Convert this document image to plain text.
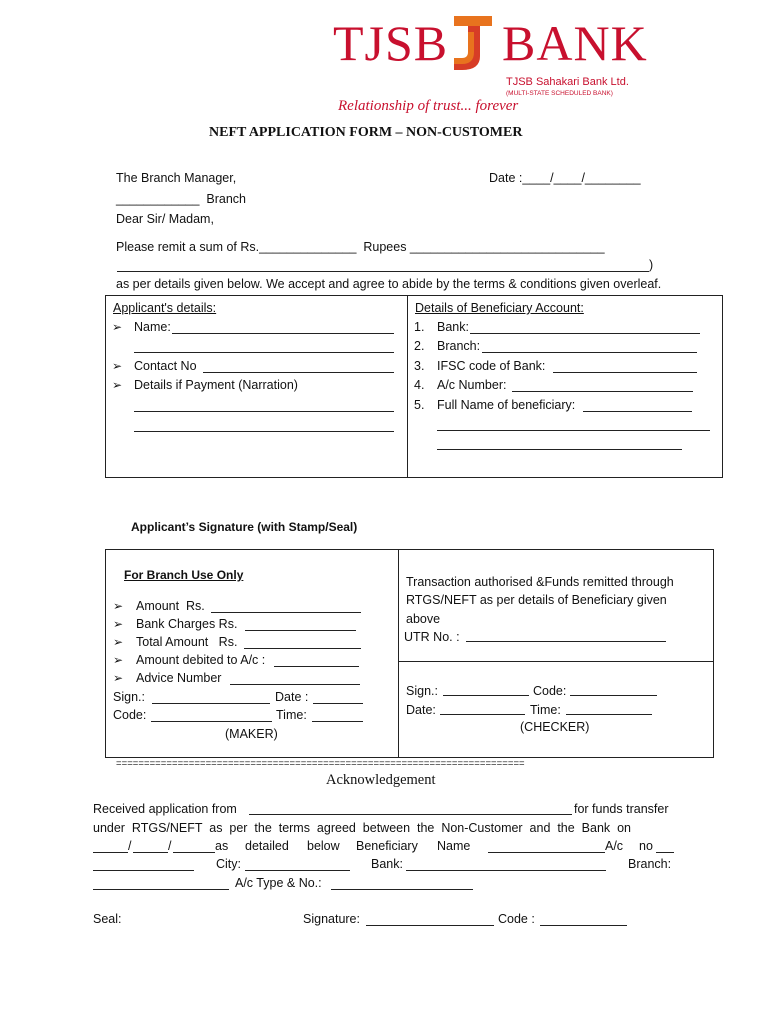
TJSB BANK
TJSB Sahakari Bank Ltd.
(MULTI-STATE SCHEDULED BANK)
Relationship of trust... forever
NEFT APPLICATION FORM – NON-CUSTOMER
The Branch Manager,	Date :____/____/________
____________  Branch
Dear Sir/ Madam,
Please remit a sum of Rs.______________  Rupees ____________________________
)
as per details given below. We accept and agree to abide by the terms & conditions given overleaf.
Applicant's details:
➢ Name:
➢ Contact No
➢ Details if Payment (Narration)
Details of Beneficiary Account:
1. Bank:
2. Branch:
3. IFSC code of Bank:
4. A/c Number:
5. Full Name of beneficiary:
Applicant’s Signature (with Stamp/Seal)
For Branch Use Only
➢ Amount  Rs.
➢ Bank Charges Rs.
➢ Total Amount   Rs.
➢ Amount debited to A/c :
➢ Advice Number
Sign.:	Date :
Code:	Time:
(MAKER)
Transaction authorised &Funds remitted through
RTGS/NEFT as per details of Beneficiary given
above
UTR No. :
Sign.:	Code:
Date:	Time:
(CHECKER)
=========================================================================
Acknowledgement
Received application from	for funds transfer
under  RTGS/NEFT  as  per  the  terms  agreed  between  the  Non-Customer  and  the  Bank  on
/	/	as detailed below Beneficiary Name	A/c no
City:	Bank:	Branch:
A/c Type & No.:
Seal:	Signature:	Code :
